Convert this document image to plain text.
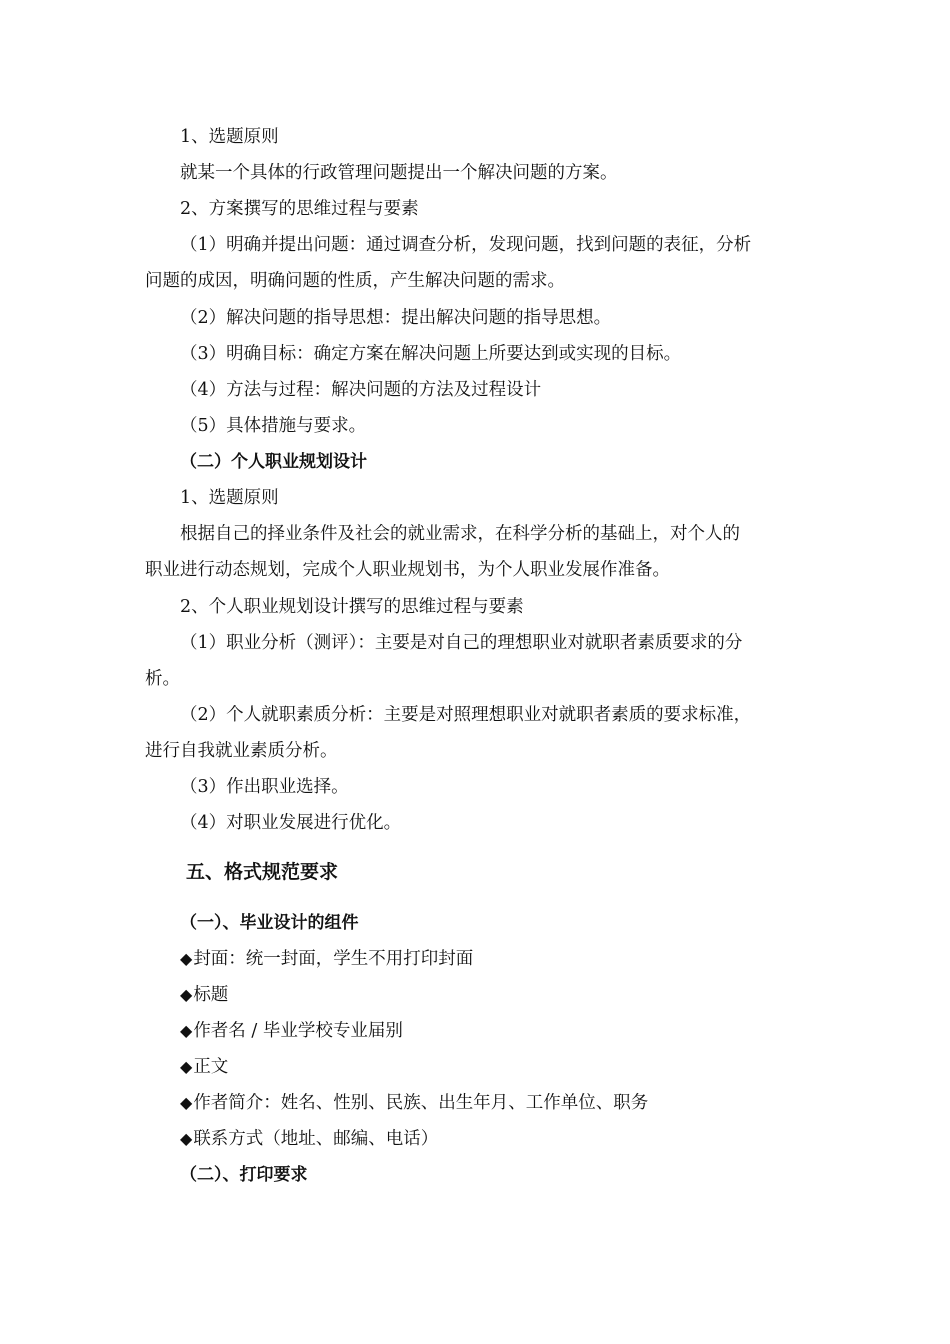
1、选题原则
就某一个具体的行政管理问题提出一个解决问题的方案。
2、方案撰写的思维过程与要素
（1）明确并提出问题：通过调查分析，发现问题，找到问题的表征，分析
问题的成因，明确问题的性质，产生解决问题的需求。
（2）解决问题的指导思想：提出解决问题的指导思想。
（3）明确目标：确定方案在解决问题上所要达到或实现的目标。
（4）方法与过程：解决问题的方法及过程设计
（5）具体措施与要求。
（二）个人职业规划设计
1、选题原则
根据自己的择业条件及社会的就业需求，在科学分析的基础上，对个人的
职业进行动态规划，完成个人职业规划书，为个人职业发展作准备。
2、个人职业规划设计撰写的思维过程与要素
（1）职业分析（测评）：主要是对自己的理想职业对就职者素质要求的分
析。
（2）个人就职素质分析：主要是对照理想职业对就职者素质的要求标准，
进行自我就业素质分析。
（3）作出职业选择。
（4）对职业发展进行优化。
五、格式规范要求
（一）、毕业设计的组件
◆封面：统一封面，学生不用打印封面
◆标题
◆作者名 / 毕业学校专业届别
◆正文
◆作者简介：姓名、性别、民族、出生年月、工作单位、职务
◆联系方式（地址、邮编、电话）
（二）、打印要求
